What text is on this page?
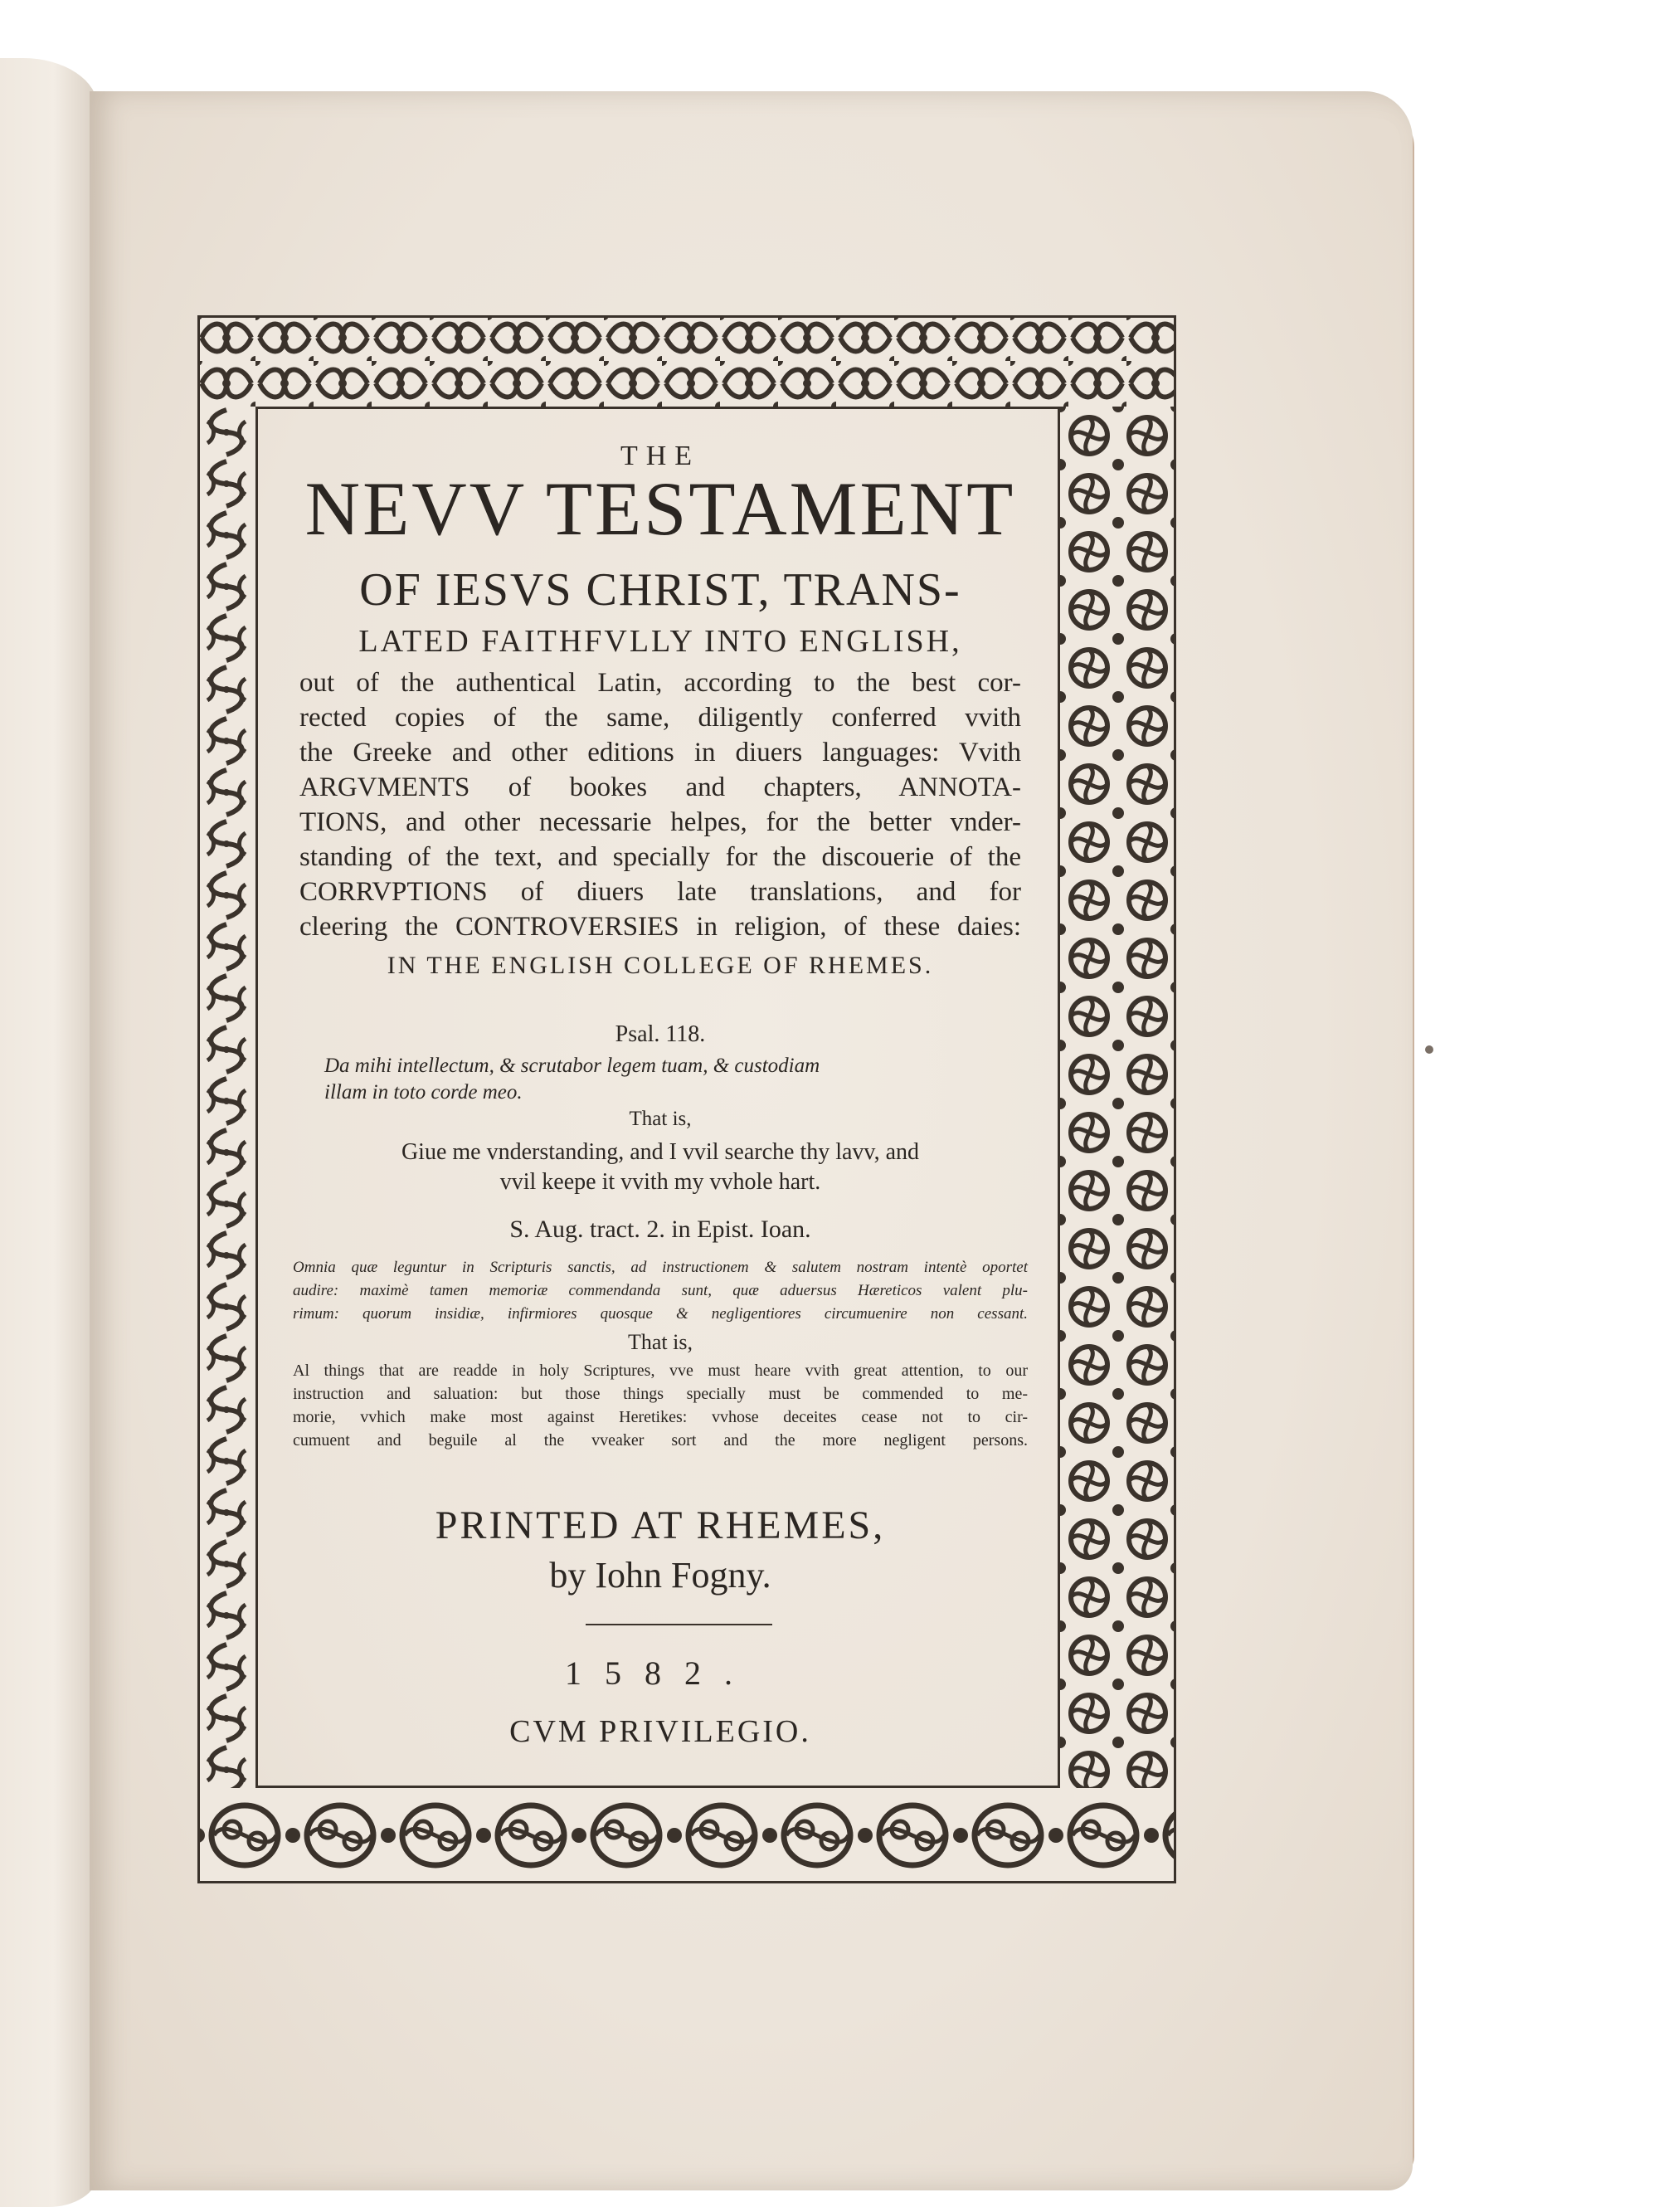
THE
NEVV TESTAMENT
OF IESVS CHRIST, TRANS-
LATED FAITHFVLLY INTO ENGLISH,
out of the authentical Latin, according to the best cor-
rected copies of the same, diligently conferred vvith
the Greeke and other editions in diuers languages: Vvith
ARGVMENTS of bookes and chapters, ANNOTA-
TIONS, and other necessarie helpes, for the better vnder-
standing of the text, and specially for the discouerie of the
CORRVPTIONS of diuers late translations, and for
cleering the CONTROVERSIES in religion, of these daies:
IN THE ENGLISH COLLEGE OF RHEMES.
Psal. 118.
Da mihi intellectum, & scrutabor legem tuam, & custodiam
illam in toto corde meo.
That is,
Giue me vnderstanding, and I vvil searche thy lavv, and
vvil keepe it vvith my vvhole hart.
S. Aug. tract. 2. in Epist. Ioan.
Omnia quæ leguntur in Scripturis sanctis, ad instructionem & salutem nostram intentè oportet
audire: maximè tamen memoriæ commendanda sunt, quæ aduersus Hæreticos valent plu-
rimum: quorum insidiæ, infirmiores quosque & negligentiores circumuenire non cessant.
That is,
Al things that are readde in holy Scriptures, vve must heare vvith great attention, to our
instruction and saluation: but those things specially must be commended to me-
morie, vvhich make most against Heretikes: vvhose deceites cease not to cir-
cumuent and beguile al the vveaker sort and the more negligent persons.
PRINTED AT RHEMES,
by Iohn Fogny.
1582.
CVM PRIVILEGIO.
